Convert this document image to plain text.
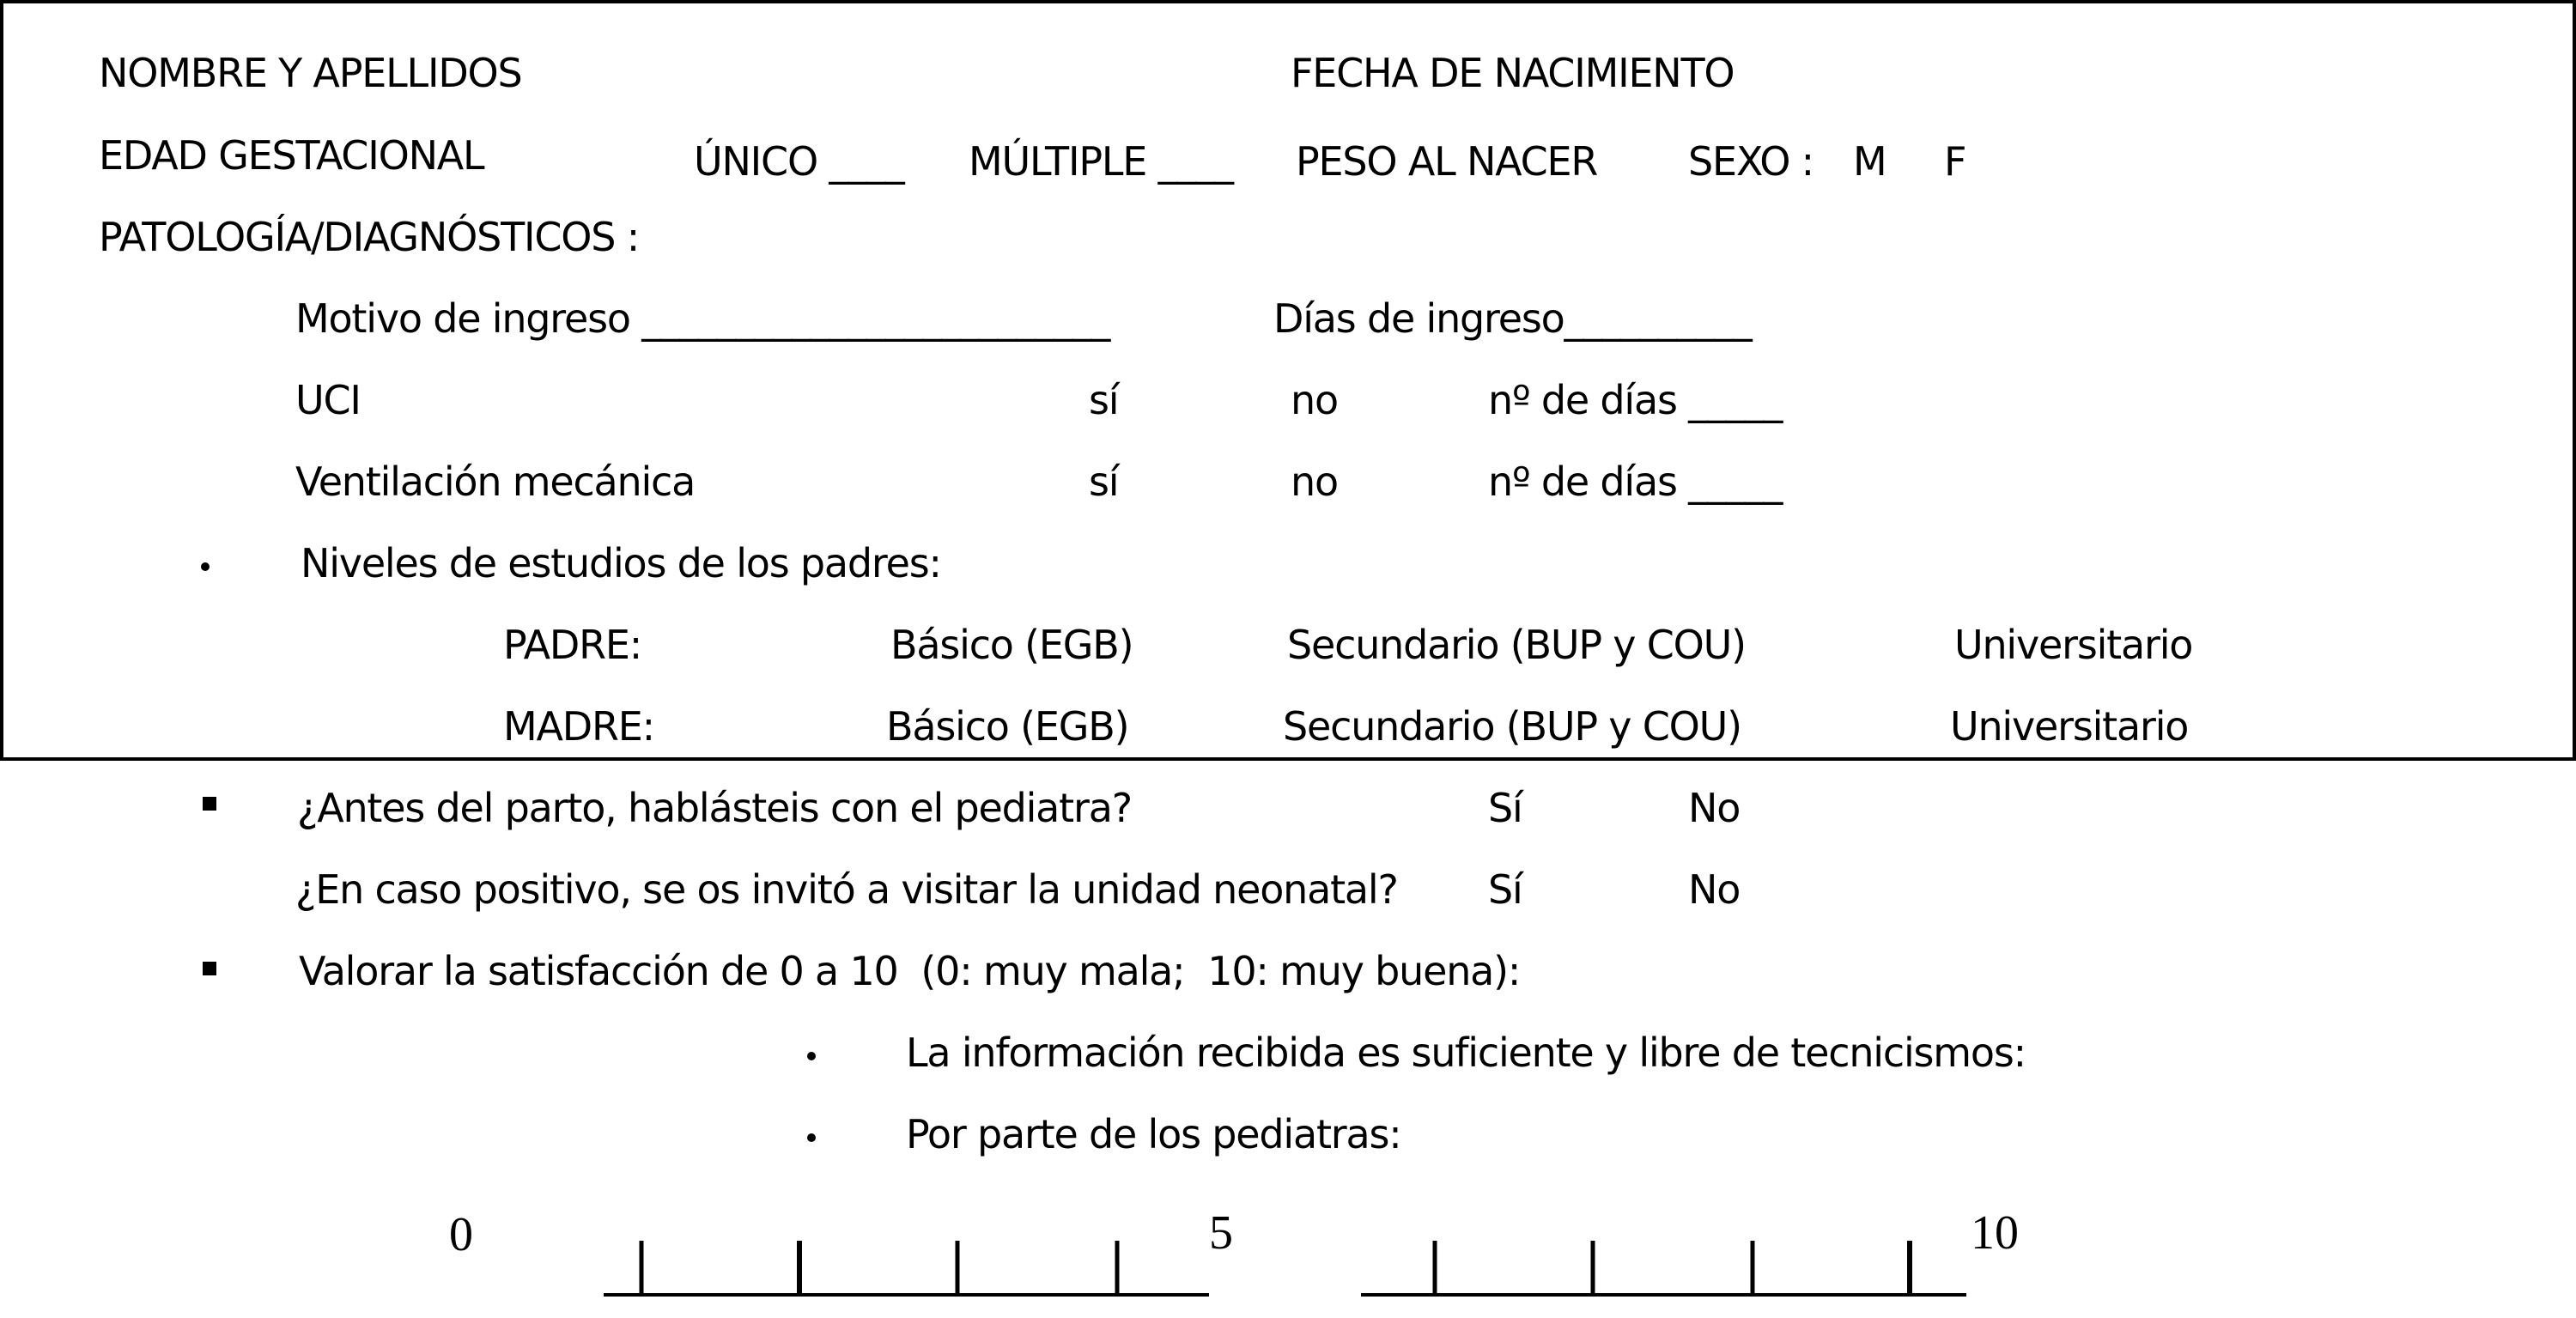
NOMBRE Y APELLIDOS	FECHA DE NACIMIENTO
EDAD GESTACIONAL	ÚNICO ____ MÚLTIPLE ____ PESO AL NACER SEXO : M F
PATOLOGÍA/DIAGNÓSTICOS :
Motivo de ingreso _________________________	Días de ingreso__________
UCI	sí	no	nº de días _____
Ventilación mecánica	sí	no	nº de días _____
Niveles de estudios de los padres:
PADRE:	Básico (EGB)	Secundario (BUP y COU)	Universitario
MADRE:	Básico (EGB)	Secundario (BUP y COU)	Universitario
¿Antes del parto, hablásteis con el pediatra?	Sí	No
¿En caso positivo, se os invitó a visitar la unidad neonatal? Sí	No
Valorar la satisfacción de 0 a 10  (0: muy mala;  10: muy buena):
La información recibida es suficiente y libre de tecnicismos:
Por parte de los pediatras:
0	5	10
